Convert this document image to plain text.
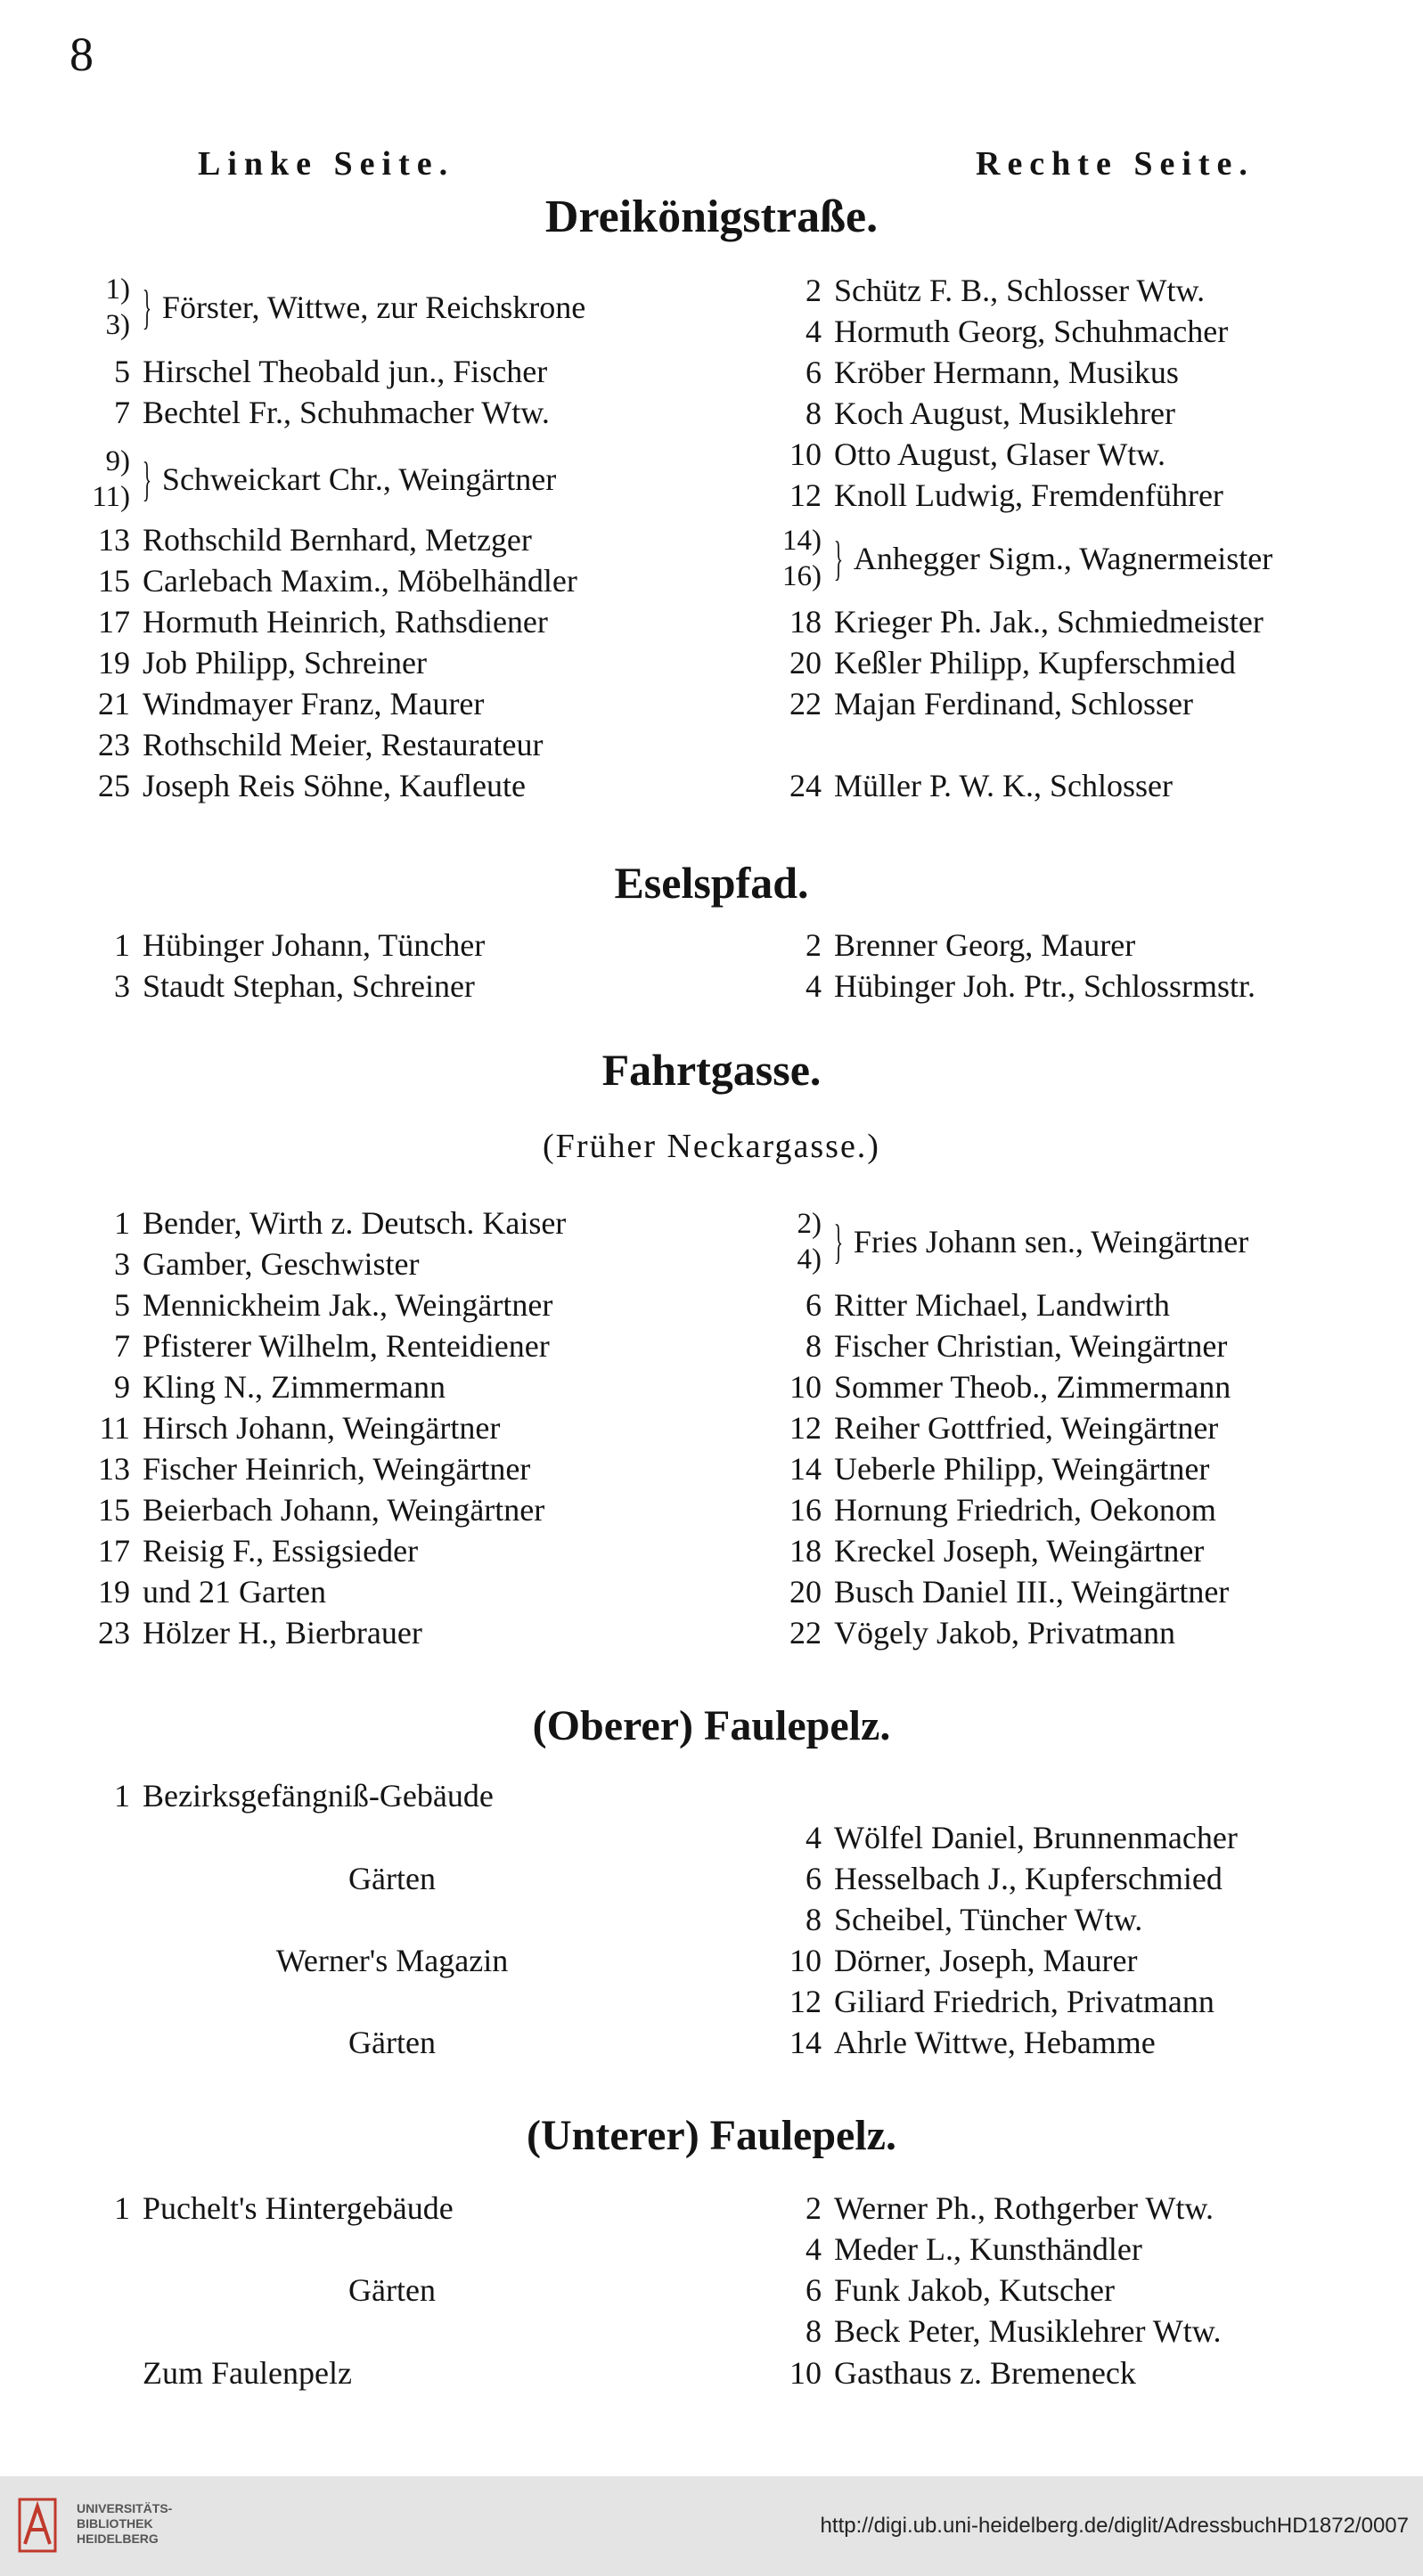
8
Linke Seite.	Rechte Seite.
Dreikönigstraße.
1)
3) } Förster, Wittwe, zur Reichskrone
5 Hirschel Theobald jun., Fischer
7 Bechtel Fr., Schuhmacher Wtw.
9)
11) } Schweickart Chr., Weingärtner
13 Rothschild Bernhard, Metzger
15 Carlebach Maxim., Möbelhändler
17 Hormuth Heinrich, Rathsdiener
19 Job Philipp, Schreiner
21 Windmayer Franz, Maurer
23 Rothschild Meier, Restaurateur
25 Joseph Reis Söhne, Kaufleute
2 Schütz F. B., Schlosser Wtw.
4 Hormuth Georg, Schuhmacher
6 Kröber Hermann, Musikus
8 Koch August, Musiklehrer
10 Otto August, Glaser Wtw.
12 Knoll Ludwig, Fremdenführer
14)
16) } Anhegger Sigm., Wagnermeister
18 Krieger Ph. Jak., Schmiedmeister
20 Keßler Philipp, Kupferschmied
22 Majan Ferdinand, Schlosser
24 Müller P. W. K., Schlosser
Eselspfad.
1 Hübinger Johann, Tüncher
3 Staudt Stephan, Schreiner
2 Brenner Georg, Maurer
4 Hübinger Joh. Ptr., Schlossrmstr.
Fahrtgasse.
(Früher Neckargasse.)
1 Bender, Wirth z. Deutsch. Kaiser
3 Gamber, Geschwister
5 Mennickheim Jak., Weingärtner
7 Pfisterer Wilhelm, Renteidiener
9 Kling N., Zimmermann
11 Hirsch Johann, Weingärtner
13 Fischer Heinrich, Weingärtner
15 Beierbach Johann, Weingärtner
17 Reisig F., Essigsieder
19 und 21 Garten
23 Hölzer H., Bierbrauer
2)
4) } Fries Johann sen., Weingärtner
6 Ritter Michael, Landwirth
8 Fischer Christian, Weingärtner
10 Sommer Theob., Zimmermann
12 Reiher Gottfried, Weingärtner
14 Ueberle Philipp, Weingärtner
16 Hornung Friedrich, Oekonom
18 Kreckel Joseph, Weingärtner
20 Busch Daniel III., Weingärtner
22 Vögely Jakob, Privatmann
(Oberer) Faulepelz.
1 Bezirksgefängniß-Gebäude
Gärten
Werner's Magazin
Gärten
4 Wölfel Daniel, Brunnenmacher
6 Hesselbach J., Kupferschmied
8 Scheibel, Tüncher Wtw.
10 Dörner, Joseph, Maurer
12 Giliard Friedrich, Privatmann
14 Ahrle Wittwe, Hebamme
(Unterer) Faulepelz.
1 Puchelt's Hintergebäude
Gärten
Zum Faulenpelz
2 Werner Ph., Rothgerber Wtw.
4 Meder L., Kunsthändler
6 Funk Jakob, Kutscher
8 Beck Peter, Musiklehrer Wtw.
10 Gasthaus z. Bremeneck
UNIVERSITÄTS-
BIBLIOTHEK
HEIDELBERG
http://digi.ub.uni-heidelberg.de/diglit/AdressbuchHD1872/0007
